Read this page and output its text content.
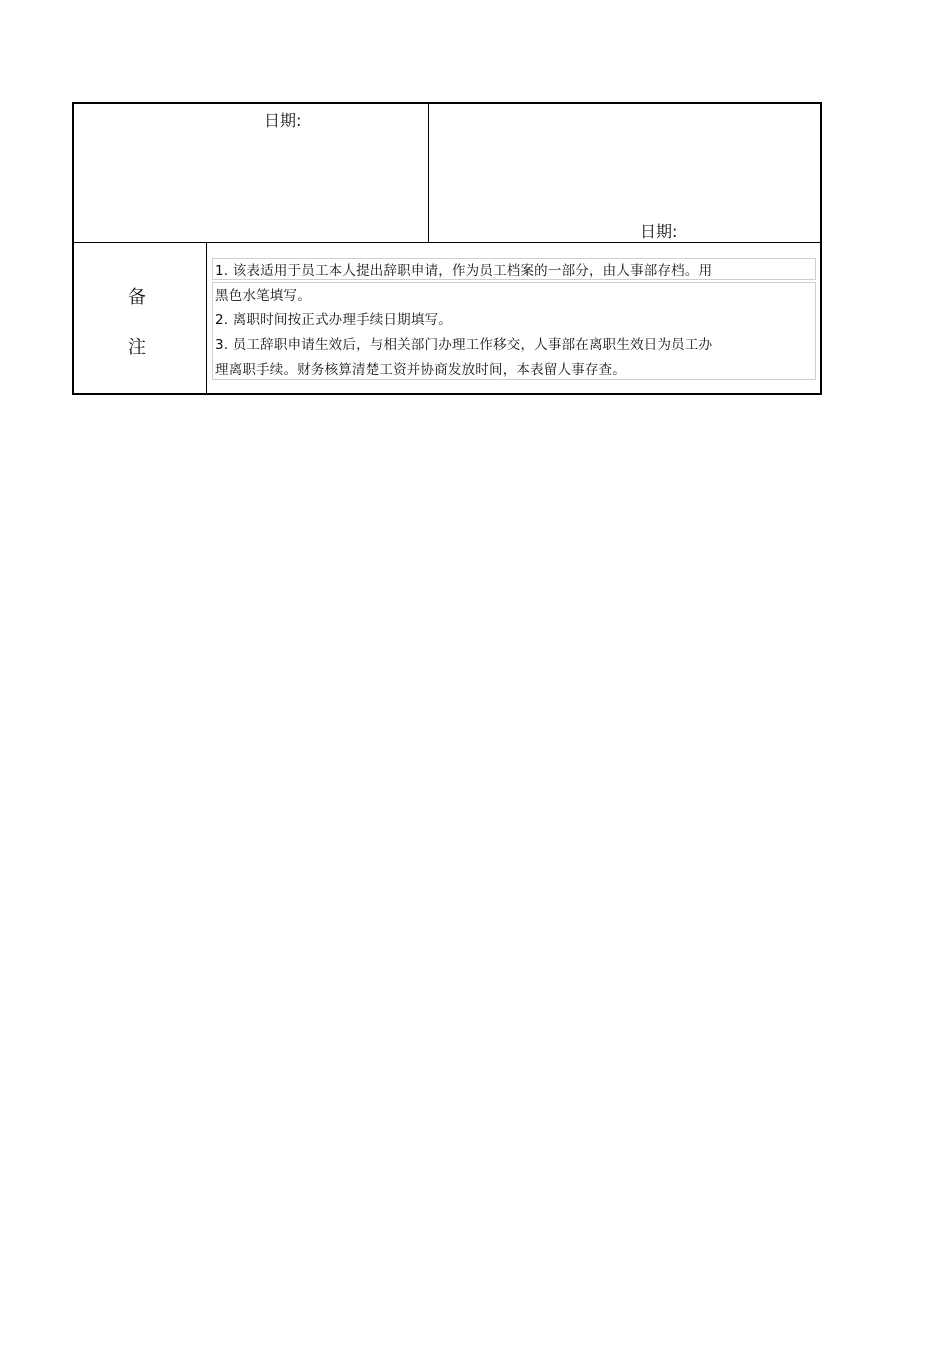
日期:
日期:
备
注
1. 该表适用于员工本人提出辞职申请，作为员工档案的一部分，由人事部存档。用
黑色水笔填写。
2. 离职时间按正式办理手续日期填写。
3. 员工辞职申请生效后，与相关部门办理工作移交，人事部在离职生效日为员工办
理离职手续。财务核算清楚工资并协商发放时间，本表留人事存查。
